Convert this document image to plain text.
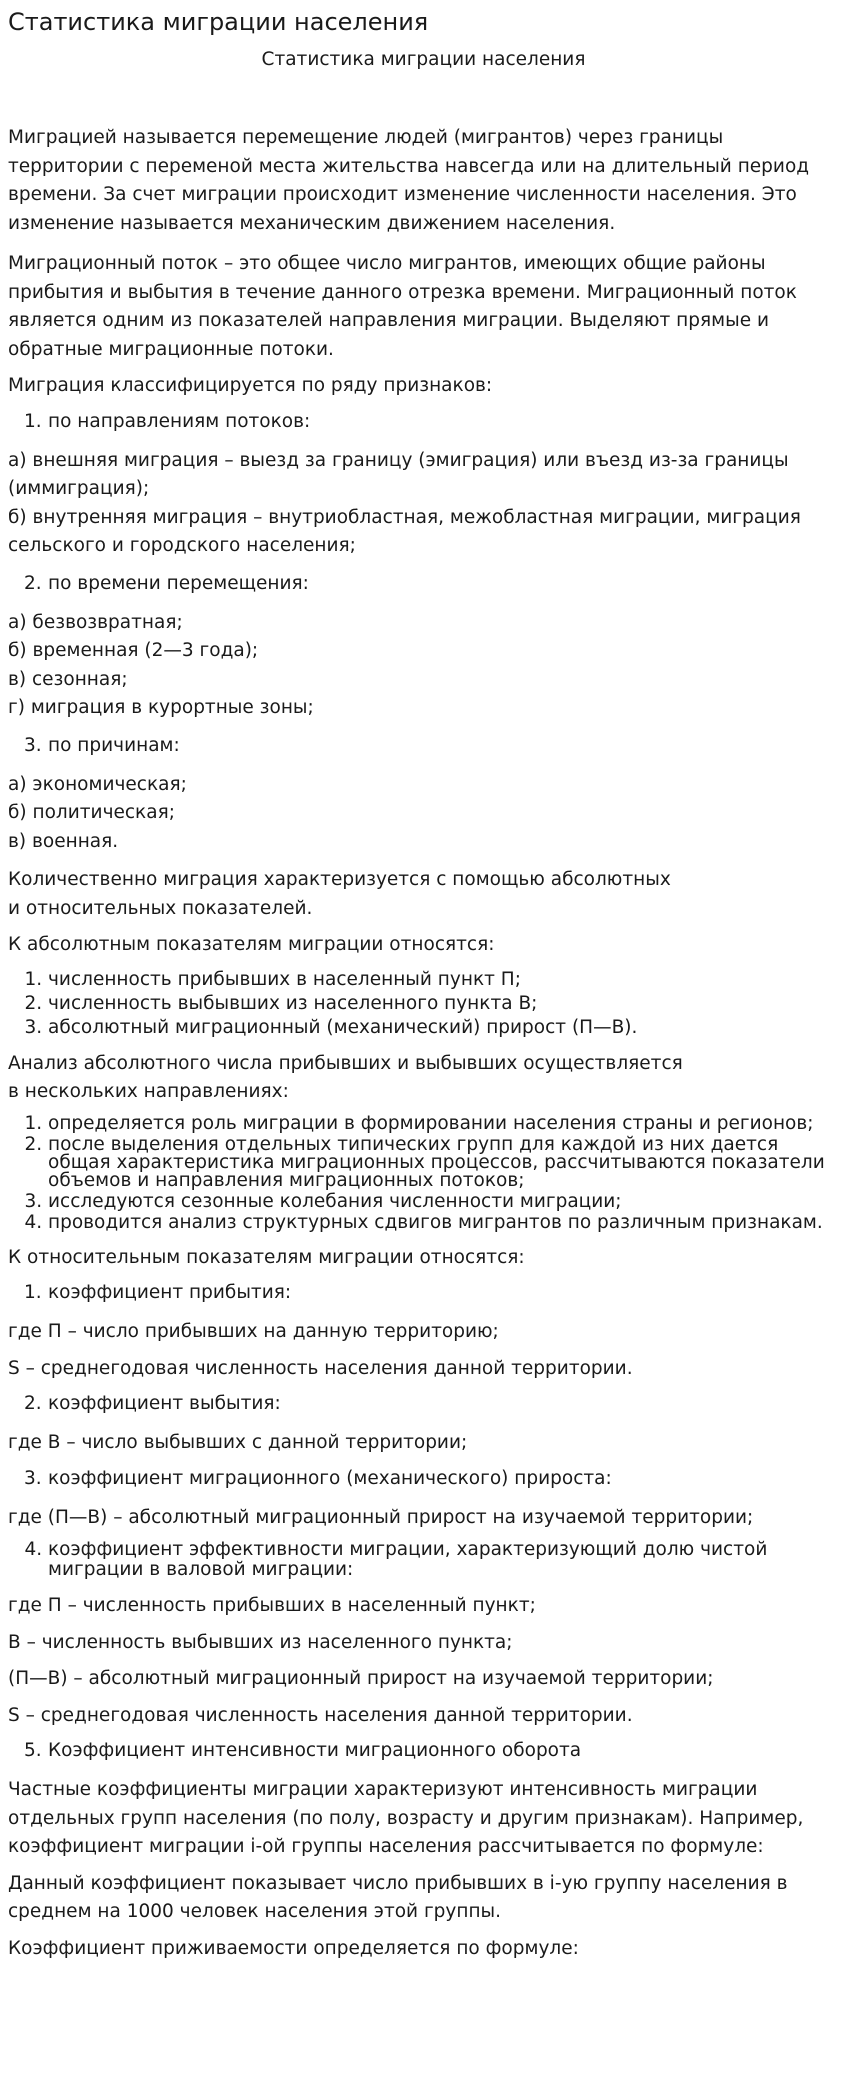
Статистика миграции населения
Статистика миграции населения

Миграцией называется перемещение людей (мигрантов) через границы территории с переменой места жительства навсегда или на длительный период времени. За счет миграции происходит изменение численности населения. Это изменение называется механическим движением населения.

Миграционный поток – это общее число мигрантов, имеющих общие районы прибытия и выбытия в течение данного отрезка времени. Миграционный поток является одним из показателей направления миграции. Выделяют прямые и обратные миграционные потоки.

Миграция классифицируется по ряду признаков:

1. по направлениям потоков:
а) внешняя миграция – выезд за границу (эмиграция) или въезд из-за границы (иммиграция);
б) внутренняя миграция – внутриобластная, межобластная миграции, миграция сельского и городского населения;
2. по времени перемещения:
а) безвозвратная;
б) временная (2—3 года);
в) сезонная;
г) миграция в курортные зоны;
3. по причинам:
а) экономическая;
б) политическая;
в) военная.

Количественно миграция характеризуется с помощью абсолютных
и относительных показателей.

К абсолютным показателям миграции относятся:

1. численность прибывших в населенный пункт П;
2. численность выбывших из населенного пункта В;
3. абсолютный миграционный (механический) прирост (П—В).

Анализ абсолютного числа прибывших и выбывших осуществляется
в нескольких направлениях:

1. определяется роль миграции в формировании населения страны и регионов;
2. после выделения отдельных типических групп для каждой из них дается общая характеристика миграционных процессов, рассчитываются показатели объемов и направления миграционных потоков;
3. исследуются сезонные колебания численности миграции;
4. проводится анализ структурных сдвигов мигрантов по различным признакам.

К относительным показателям миграции относятся:

1. коэффициент прибытия:

где П – число прибывших на данную территорию;

S – среднегодовая численность населения данной территории.

2. коэффициент выбытия:

где В – число выбывших с данной территории;

3. коэффициент миграционного (механического) прироста:

где (П—В) – абсолютный миграционный прирост на изучаемой территории;

4. коэффициент эффективности миграции, характеризующий долю чистой миграции в валовой миграции:

где П – численность прибывших в населенный пункт;

В – численность выбывших из населенного пункта;

(П—В) – абсолютный миграционный прирост на изучаемой территории;

S – среднегодовая численность населения данной территории.

5. Коэффициент интенсивности миграционного оборота

Частные коэффициенты миграции характеризуют интенсивность миграции отдельных групп населения (по полу, возрасту и другим признакам). Например, коэффициент миграции i-ой группы населения рассчитывается по формуле:

Данный коэффициент показывает число прибывших в i-ую группу населения в среднем на 1000 человек населения этой группы.

Коэффициент приживаемости определяется по формуле:
